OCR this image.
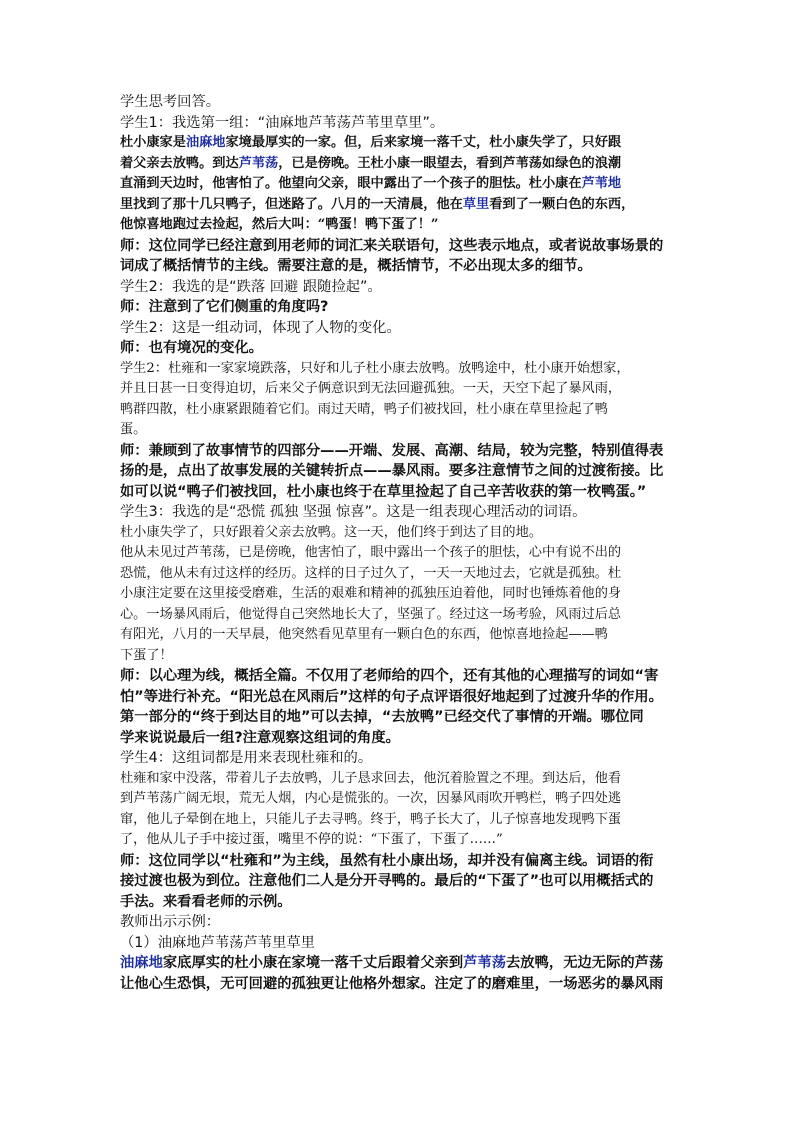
学生思考回答。

学生1：我选第一组：“油麻地芦苇荡芦苇里草里”。

杜小康家是油麻地家境最厚实的一家。但，后来家境一落千丈，杜小康失学了，只好跟

着父亲去放鸭。到达芦苇荡，已是傍晚。王杜小康一眼望去，看到芦苇荡如绿色的浪潮

直涌到天边时，他害怕了。他望向父亲，眼中露出了一个孩子的胆怯。杜小康在芦苇地

里找到了那十几只鸭子，但迷路了。八月的一天清晨，他在草里看到了一颗白色的东西，

他惊喜地跑过去捡起，然后大叫：“鸭蛋！鸭下蛋了！”

师：这位同学已经注意到用老师的词汇来关联语句，这些表示地点，或者说故事场景的

词成了概括情节的主线。需要注意的是，概括情节，不必出现太多的细节。

学生2：我选的是“跌落 回避 跟随捡起”。

师：注意到了它们侧重的角度吗?

学生2：这是一组动词，体现了人物的变化。

师：也有境况的变化。

学生2：杜雍和一家家境跌落，只好和儿子杜小康去放鸭。放鸭途中，杜小康开始想家，

并且日甚一日变得迫切，后来父子俩意识到无法回避孤独。一天，天空下起了暴风雨，

鸭群四散，杜小康紧跟随着它们。雨过天晴，鸭子们被找回，杜小康在草里捡起了鸭

蛋。

师：兼顾到了故事情节的四部分——开端、发展、高潮、结局，较为完整，特别值得表

扬的是，点出了故事发展的关键转折点——暴风雨。要多注意情节之间的过渡衔接。比

如可以说“鸭子们被找回，杜小康也终于在草里捡起了自己辛苦收获的第一枚鸭蛋。”

学生3：我选的是“恐慌 孤独 坚强 惊喜”。这是一组表现心理活动的词语。

杜小康失学了，只好跟着父亲去放鸭。这一天，他们终于到达了目的地。

他从未见过芦苇荡，已是傍晚，他害怕了，眼中露出一个孩子的胆怯，心中有说不出的

恐慌，他从未有过这样的经历。这样的日子过久了，一天一天地过去，它就是孤独。杜

小康注定要在这里接受磨难，生活的艰难和精神的孤独压迫着他，同时也锤炼着他的身

心。一场暴风雨后，他觉得自己突然地长大了，坚强了。经过这一场考验，风雨过后总

有阳光，八月的一天早晨，他突然看见草里有一颗白色的东西，他惊喜地捡起——鸭

下蛋了！

师：以心理为线，概括全篇。不仅用了老师给的四个，还有其他的心理描写的词如“害

怕”等进行补充。“阳光总在风雨后”这样的句子点评语很好地起到了过渡升华的作用。

第一部分的“终于到达目的地”可以去掉，“去放鸭”已经交代了事情的开端。哪位同

学来说说最后一组?注意观察这组词的角度。

学生4：这组词都是用来表现杜雍和的。

杜雍和家中没落，带着儿子去放鸭，儿子恳求回去，他沉着脸置之不理。到达后，他看

到芦苇荡广阔无垠，荒无人烟，内心是慌张的。一次，因暴风雨吹开鸭栏，鸭子四处逃

窜，他儿子晕倒在地上，只能儿子去寻鸭。终于，鸭子长大了，儿子惊喜地发现鸭下蛋

了，他从儿子手中接过蛋，嘴里不停的说：“下蛋了，下蛋了……”

师：这位同学以“杜雍和”为主线，虽然有杜小康出场，却并没有偏离主线。词语的衔

接过渡也极为到位。注意他们二人是分开寻鸭的。最后的“下蛋了”也可以用概括式的

手法。来看看老师的示例。

教师出示示例：

（1）油麻地芦苇荡芦苇里草里

油麻地家底厚实的杜小康在家境一落千丈后跟着父亲到芦苇荡去放鸭，无边无际的芦荡

让他心生恐惧，无可回避的孤独更让他格外想家。注定了的磨难里，一场恶劣的暴风雨
